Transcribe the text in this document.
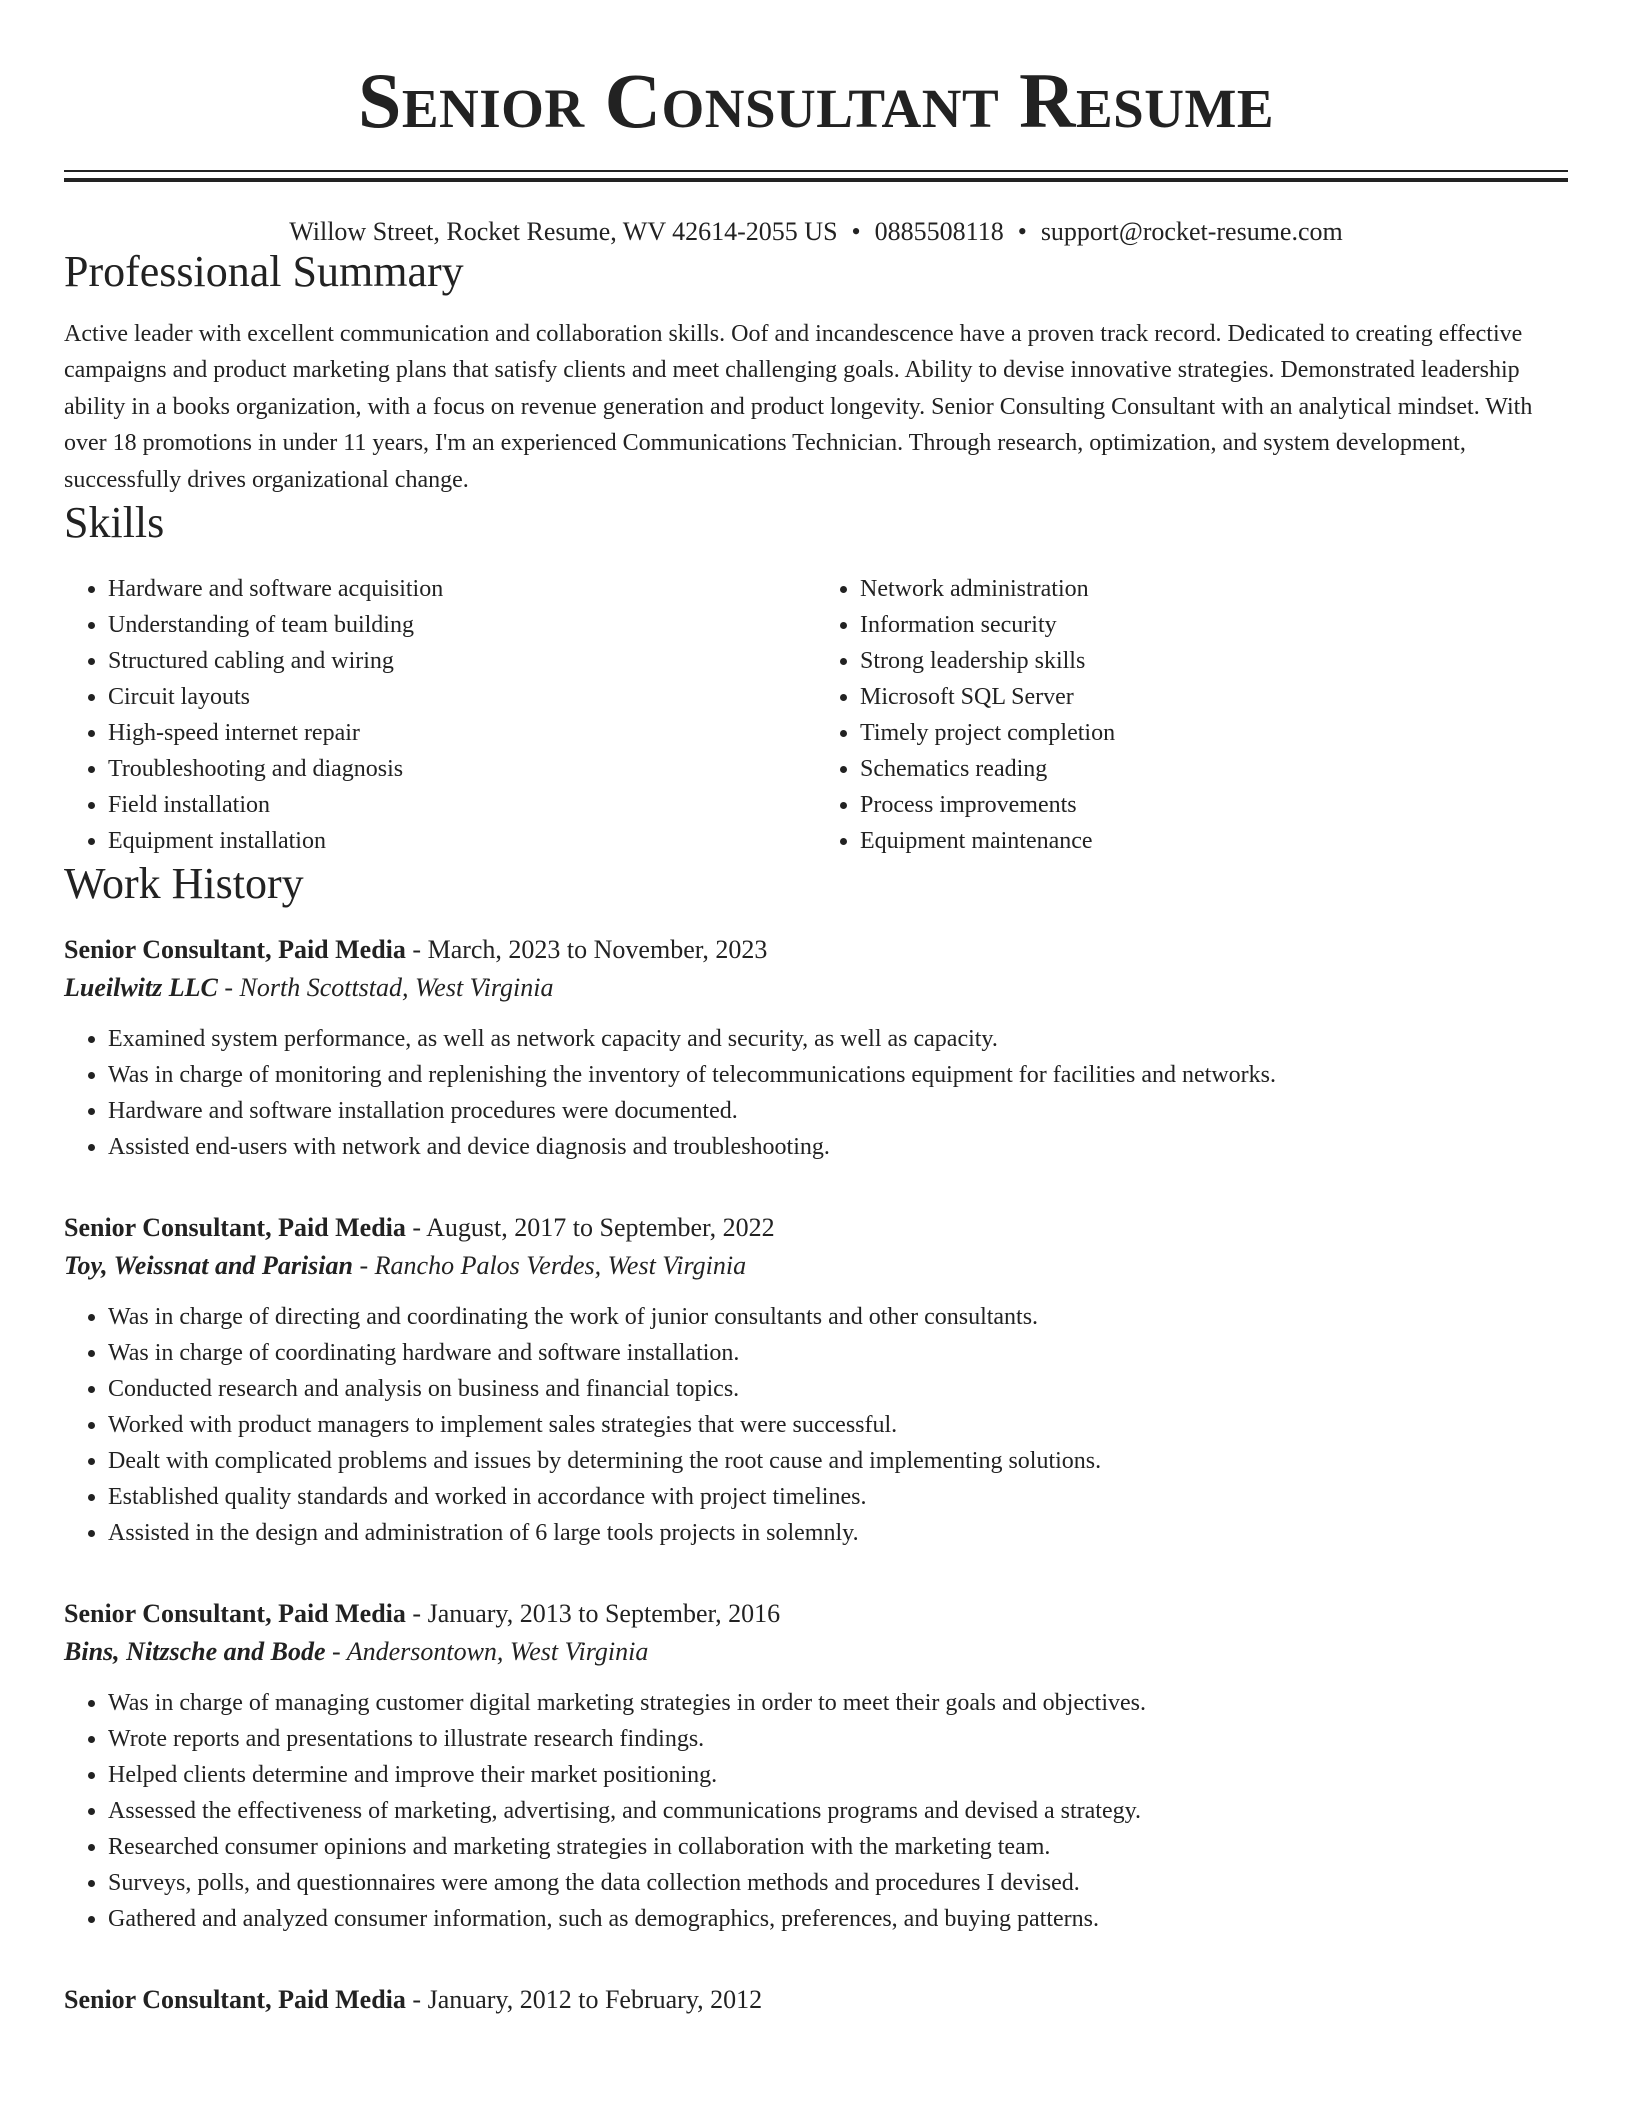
Senior Consultant Resume
Willow Street, Rocket Resume, WV 42614-2055 US • 0885508118 • support@rocket-resume.com
Professional Summary

Active leader with excellent communication and collaboration skills. Oof and incandescence have a proven track record. Dedicated to creating effective campaigns and product marketing plans that satisfy clients and meet challenging goals. Ability to devise innovative strategies. Demonstrated leadership ability in a books organization, with a focus on revenue generation and product longevity. Senior Consulting Consultant with an analytical mindset. With over 18 promotions in under 11 years, I'm an experienced Communications Technician. Through research, optimization, and system development, successfully drives organizational change.

Skills
• Hardware and software acquisition
• Understanding of team building
• Structured cabling and wiring
• Circuit layouts
• High-speed internet repair
• Troubleshooting and diagnosis
• Field installation
• Equipment installation
• Network administration
• Information security
• Strong leadership skills
• Microsoft SQL Server
• Timely project completion
• Schematics reading
• Process improvements
• Equipment maintenance
Work History
Senior Consultant, Paid Media - March, 2023 to November, 2023
Lueilwitz LLC - North Scottstad, West Virginia
• Examined system performance, as well as network capacity and security, as well as capacity.
• Was in charge of monitoring and replenishing the inventory of telecommunications equipment for facilities and networks.
• Hardware and software installation procedures were documented.
• Assisted end-users with network and device diagnosis and troubleshooting.
Senior Consultant, Paid Media - August, 2017 to September, 2022
Toy, Weissnat and Parisian - Rancho Palos Verdes, West Virginia
• Was in charge of directing and coordinating the work of junior consultants and other consultants.
• Was in charge of coordinating hardware and software installation.
• Conducted research and analysis on business and financial topics.
• Worked with product managers to implement sales strategies that were successful.
• Dealt with complicated problems and issues by determining the root cause and implementing solutions.
• Established quality standards and worked in accordance with project timelines.
• Assisted in the design and administration of 6 large tools projects in solemnly.
Senior Consultant, Paid Media - January, 2013 to September, 2016
Bins, Nitzsche and Bode - Andersontown, West Virginia
• Was in charge of managing customer digital marketing strategies in order to meet their goals and objectives.
• Wrote reports and presentations to illustrate research findings.
• Helped clients determine and improve their market positioning.
• Assessed the effectiveness of marketing, advertising, and communications programs and devised a strategy.
• Researched consumer opinions and marketing strategies in collaboration with the marketing team.
• Surveys, polls, and questionnaires were among the data collection methods and procedures I devised.
• Gathered and analyzed consumer information, such as demographics, preferences, and buying patterns.
Senior Consultant, Paid Media - January, 2012 to February, 2012
